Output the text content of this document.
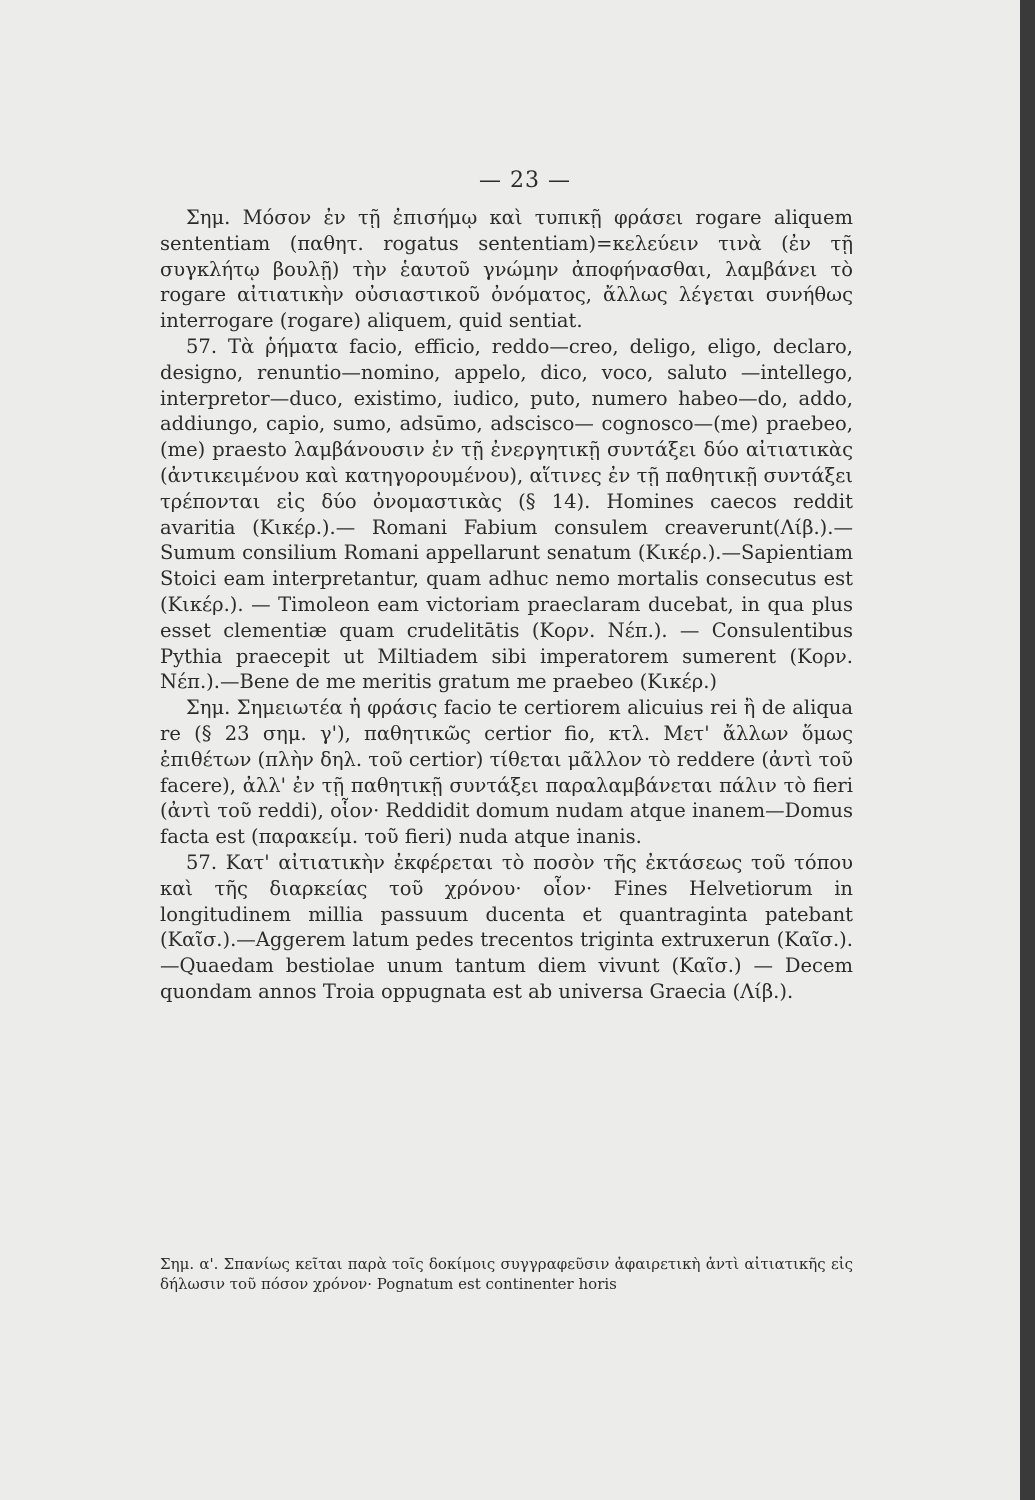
— 23 —

Σημ. Μόσον ἐν τῇ ἐπισήμῳ καὶ τυπικῇ φράσει rogare aliquem sententiam (παθητ. rogatus sententiam)=κελεύειν τινὰ (ἐν τῇ συγκλήτῳ βουλῇ) τὴν ἑαυτοῦ γνώμην ἀποφήνασθαι, λαμβάνει τὸ rogare αἰτιατικὴν οὐσιαστικοῦ ὀνόματος, ἄλλως λέγεται συνήθως interrogare (rogare) aliquem, quid sentiat.

57. Τὰ ῥήματα facio, efficio, reddo—creo, deligo, eligo, declaro, designo, renuntio—nomino, appelo, dico, voco, saluto —intellego, interpretor—duco, existimo, iudico, puto, numero habeo—do, addo, addiungo, capio, sumo, adsūmo, adscisco— cognosco—(me) praebeo, (me) praesto λαμβάνουσιν ἐν τῇ ἐνεργητικῇ συντάξει δύο αἰτιατικὰς (ἀντικειμένου καὶ κατηγορουμένου), αἵτινες ἐν τῇ παθητικῇ συντάξει τρέπονται εἰς δύο ὀνομαστικὰς (§ 14). Homines caecos reddit avaritia (Κικέρ.).— Romani Fabium consulem creaverunt(Λίβ.).—Sumum consilium Romani appellarunt senatum (Κικέρ.).—Sapientiam Stoici eam interpretantur, quam adhuc nemo mortalis consecutus est (Κικέρ.). — Timoleon eam victoriam praeclaram ducebat, in qua plus esset clementiæ quam crudelitātis (Κορν. Νέπ.). — Consulentibus Pythia praecepit ut Miltiadem sibi imperatorem sumerent (Κορν. Νέπ.).—Bene de me meritis gratum me praebeo (Κικέρ.)

Σημ. Σημειωτέα ἡ φράσις facio te certiorem alicuius rei ἢ de aliqua re (§ 23 σημ. γ'), παθητικῶς certior fio, κτλ. Μετ' ἄλλων ὅμως ἐπιθέτων (πλὴν δηλ. τοῦ certior) τίθεται μᾶλλον τὸ reddere (ἀντὶ τοῦ facere), ἀλλ' ἐν τῇ παθητικῇ συντάξει παραλαμβάνεται πάλιν τὸ fieri (ἀντὶ τοῦ reddi), οἷον· Reddidit domum nudam atque inanem—Domus facta est (παρακείμ. τοῦ fieri) nuda atque inanis.

57. Κατ' αἰτιατικὴν ἐκφέρεται τὸ ποσὸν τῆς ἐκτάσεως τοῦ τόπου καὶ τῆς διαρκείας τοῦ χρόνου· οἷον· Fines Helvetiorum in longitudinem millia passuum ducenta et quantraginta patebant (Καῖσ.).—Aggerem latum pedes trecentos triginta extruxerun (Καῖσ.).—Quaedam bestiolae unum tantum diem vivunt (Καῖσ.) — Decem quondam annos Troia oppugnata est ab universa Graecia (Λίβ.).

Σημ. α'. Σπανίως κεῖται παρὰ τοῖς δοκίμοις συγγραφεῦσιν ἀφαιρετικὴ ἀντὶ αἰτιατικῆς εἰς δήλωσιν τοῦ πόσον χρόνον· Pognatum est continenter horis
